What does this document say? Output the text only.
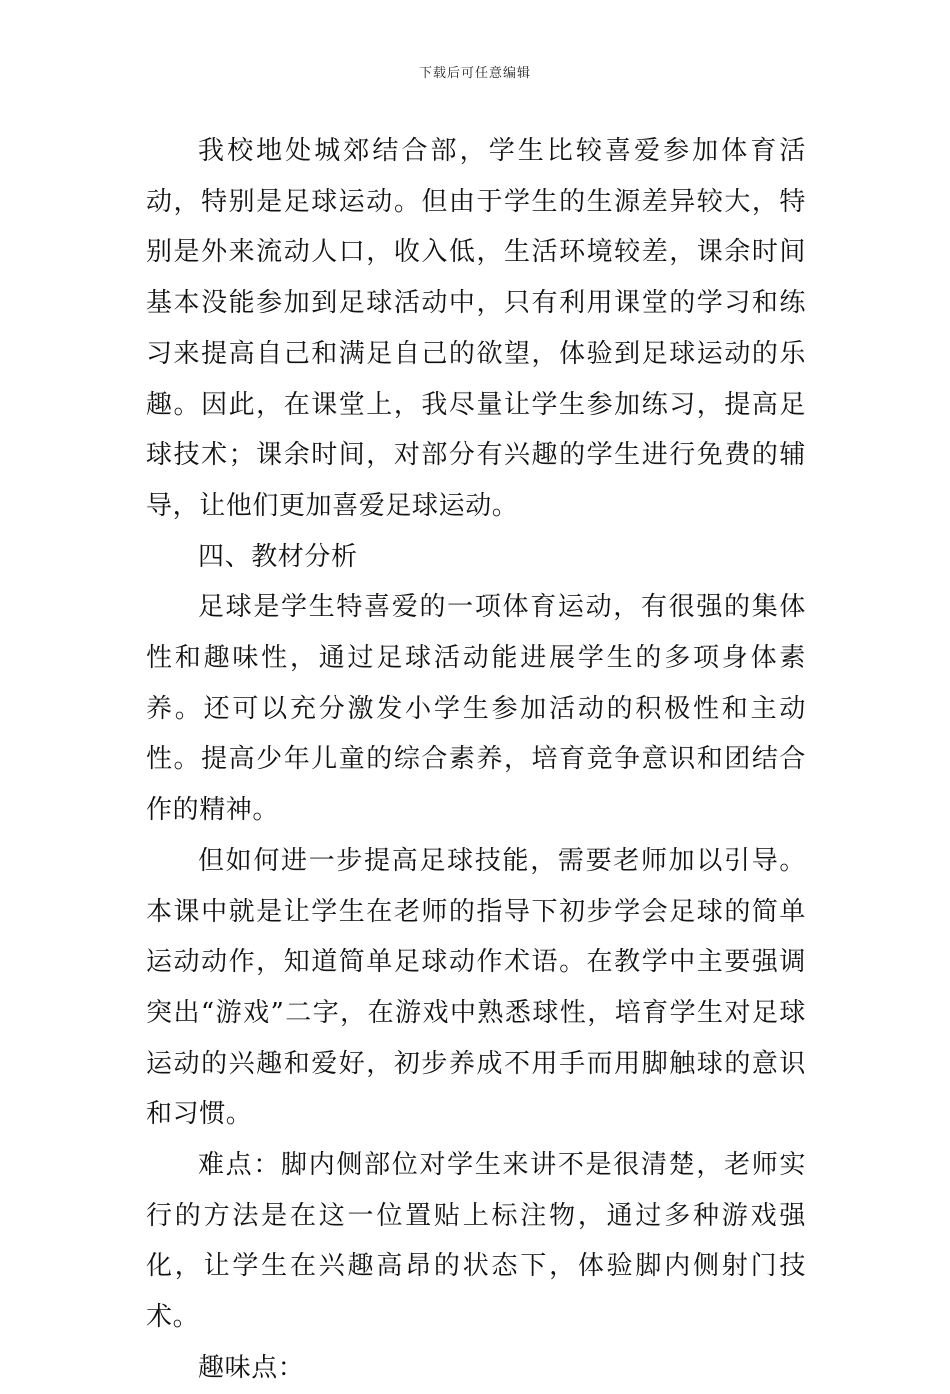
下载后可任意编辑

我校地处城郊结合部，学生比较喜爱参加体育活动，特别是足球运动。但由于学生的生源差异较大，特别是外来流动人口，收入低，生活环境较差，课余时间基本没能参加到足球活动中，只有利用课堂的学习和练习来提高自己和满足自己的欲望，体验到足球运动的乐趣。因此，在课堂上，我尽量让学生参加练习，提高足球技术；课余时间，对部分有兴趣的学生进行免费的辅导，让他们更加喜爱足球运动。

四、教材分析

足球是学生特喜爱的一项体育运动，有很强的集体性和趣味性，通过足球活动能进展学生的多项身体素养。还可以充分激发小学生参加活动的积极性和主动性。提高少年儿童的综合素养，培育竞争意识和团结合作的精神。

但如何进一步提高足球技能，需要老师加以引导。本课中就是让学生在老师的指导下初步学会足球的简单运动动作，知道简单足球动作术语。在教学中主要强调突出“游戏”二字，在游戏中熟悉球性，培育学生对足球运动的兴趣和爱好，初步养成不用手而用脚触球的意识和习惯。

难点：脚内侧部位对学生来讲不是很清楚，老师实行的方法是在这一位置贴上标注物，通过多种游戏强化，让学生在兴趣高昂的状态下，体验脚内侧射门技术。

趣味点：
